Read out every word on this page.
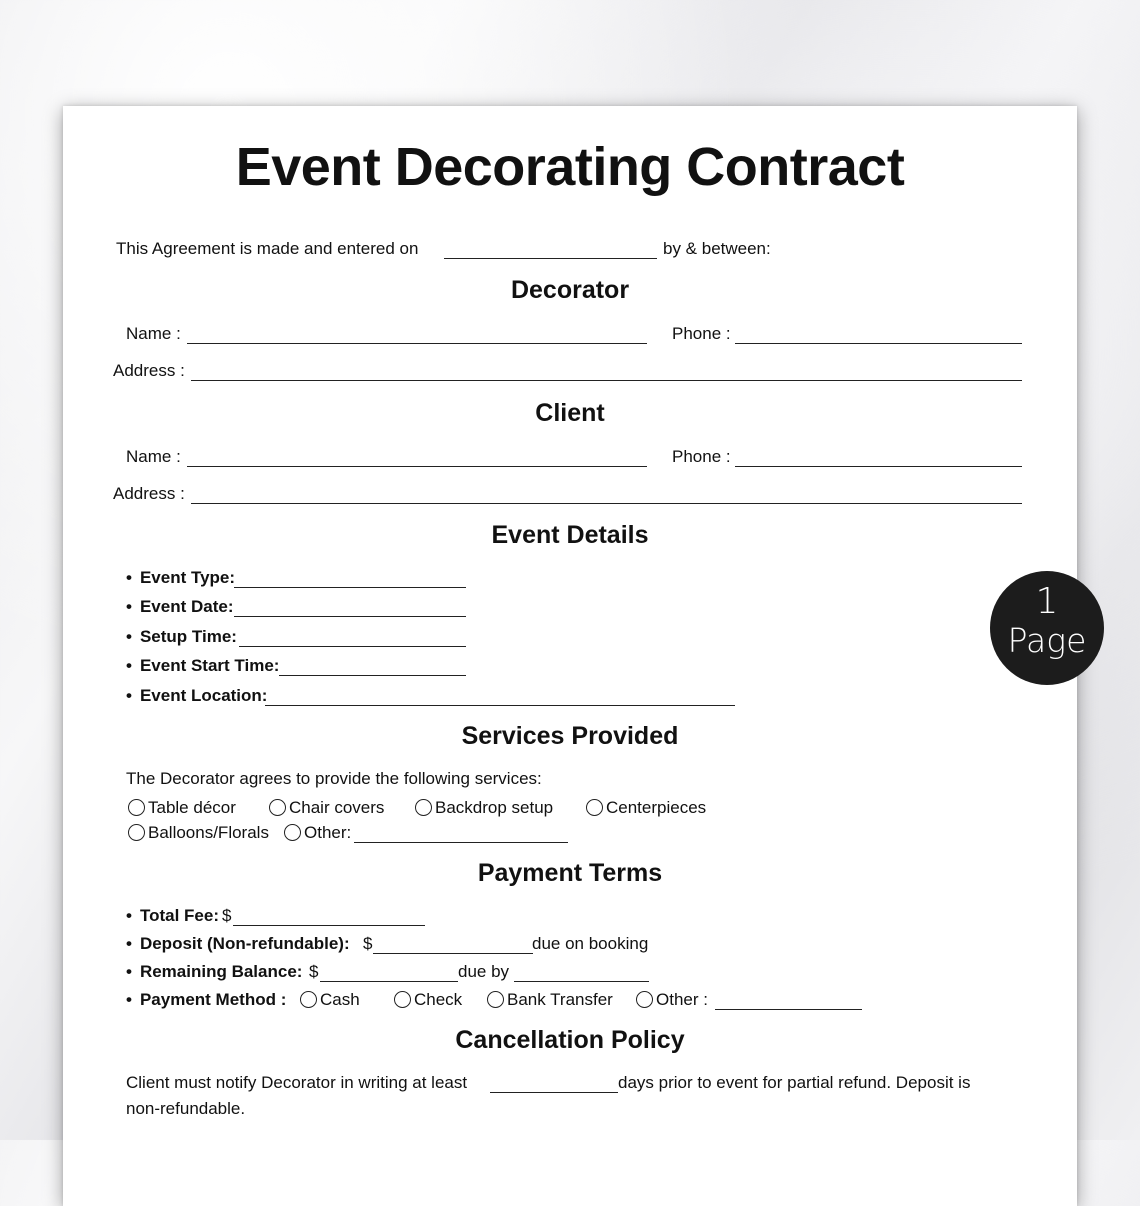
Event Decorating Contract
This Agreement is made and entered on	by & between:
Decorator
Name :	Phone :
Address :
Client
Name :	Phone :
Address :
Event Details
• Event Type:
• Event Date:
• Setup Time:
• Event Start Time:
• Event Location:
Services Provided
The Decorator agrees to provide the following services:
Table décor	Chair covers	Backdrop setup	Centerpieces
Balloons/Florals	Other:
Payment Terms
• Total Fee: $
• Deposit (Non-refundable): $	due on booking
• Remaining Balance: $	due by
• Payment Method :	Cash	Check	Bank Transfer	Other :
Cancellation Policy
Client must notify Decorator in writing at least	days prior to event for partial refund. Deposit is
non-refundable.
1
Page
